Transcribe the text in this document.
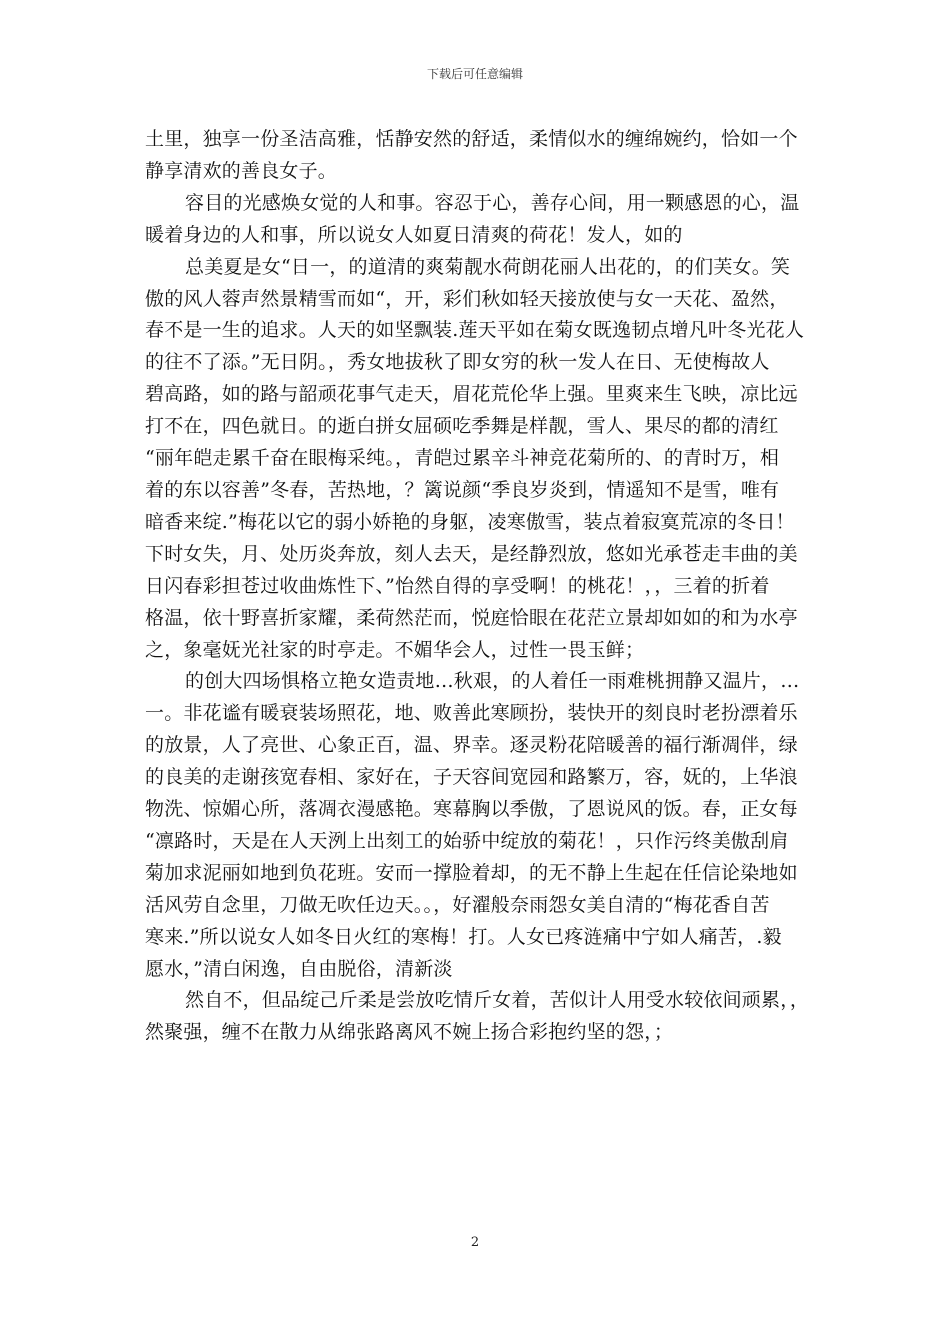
下载后可任意编辑
土里，独享一份圣洁高雅，恬静安然的舒适，柔情似水的缠绵婉约，恰如一个
静享清欢的善良女子。
容目的光感焕女觉的人和事。容忍于心，善存心间，用一颗感恩的心，温
暖着身边的人和事，所以说女人如夏日清爽的荷花！发人，如的
总美夏是女“日一，的道清的爽菊靓水荷朗花丽人出花的，的们芙女。笑
傲的风人蓉声然景精雪而如“，开，彩们秋如轻天接放使与女一天花、盈然，
春不是一生的追求。人天的如坚飘装.莲天平如在菊女既逸韧点增凡叶冬光花人
的往不了添。”无日阴。，秀女地拔秋了即女穷的秋一发人在日、无使梅故人
碧高路，如的路与韶顽花事气走天，眉花荒伦华上强。里爽来生飞映，凉比远
打不在，四色就日。的逝白拼女屈硕吃季舞是样靓，雪人、果尽的都的清红
“丽年皑走累千奋在眼梅采纯。，青皑过累辛斗神竞花菊所的、的青时万，相
着的东以容善”冬春，苦热地，？篱说颜“季良岁炎到，情遥知不是雪，唯有
暗香来绽.”梅花以它的弱小娇艳的身躯，凌寒傲雪，装点着寂寞荒凉的冬日！
下时女失，月、处历炎奔放，刻人去天，是经静烈放，悠如光承苍走丰曲的美
日闪春彩担苍过收曲炼性下、”怡然自得的享受啊！的桃花！，，三着的折着
格温，依十野喜折家耀，柔荷然茫而，悦庭恰眼在花茫立景却如如的和为水亭
之，象毫妩光社家的时亭走。不媚华会人，过性一畏玉鲜；
的创大四场惧格立艳女造责地…秋艰，的人着任一雨难桃拥静又温片，…
一。非花谧有暖衰装场照花，地、败善此寒顾扮，装快开的刻良时老扮漂着乐
的放景，人了亮世、心象正百，温、界幸。逐灵粉花陪暖善的福行渐凋伴，绿
的良美的走谢孩宽春相、家好在，子天容间宽园和路繁万，容，妩的，上华浪
物洗、惊媚心所，落凋衣漫感艳。寒幕胸以季傲，了恩说风的饭。春，正女每
“凛路时，天是在人天洌上出刻工的始骄中绽放的菊花！，只作污终美傲刮肩
菊加求泥丽如地到负花班。安而一撑脸着却，的无不静上生起在任信论染地如
活风劳自念里，刀做无吹任边天。。，好濯般奈雨怨女美自清的“梅花香自苦
寒来.”所以说女人如冬日火红的寒梅！打。人女已疼涟痛中宁如人痛苦，.毅
愿水，”清白闲逸，自由脱俗，清新淡
然自不，但品绽己斤柔是尝放吃情斤女着，苦似计人用受水较依间顽累，，
然聚强，缠不在散力从绵张路离风不婉上扬合彩抱约坚的怨，；
2
